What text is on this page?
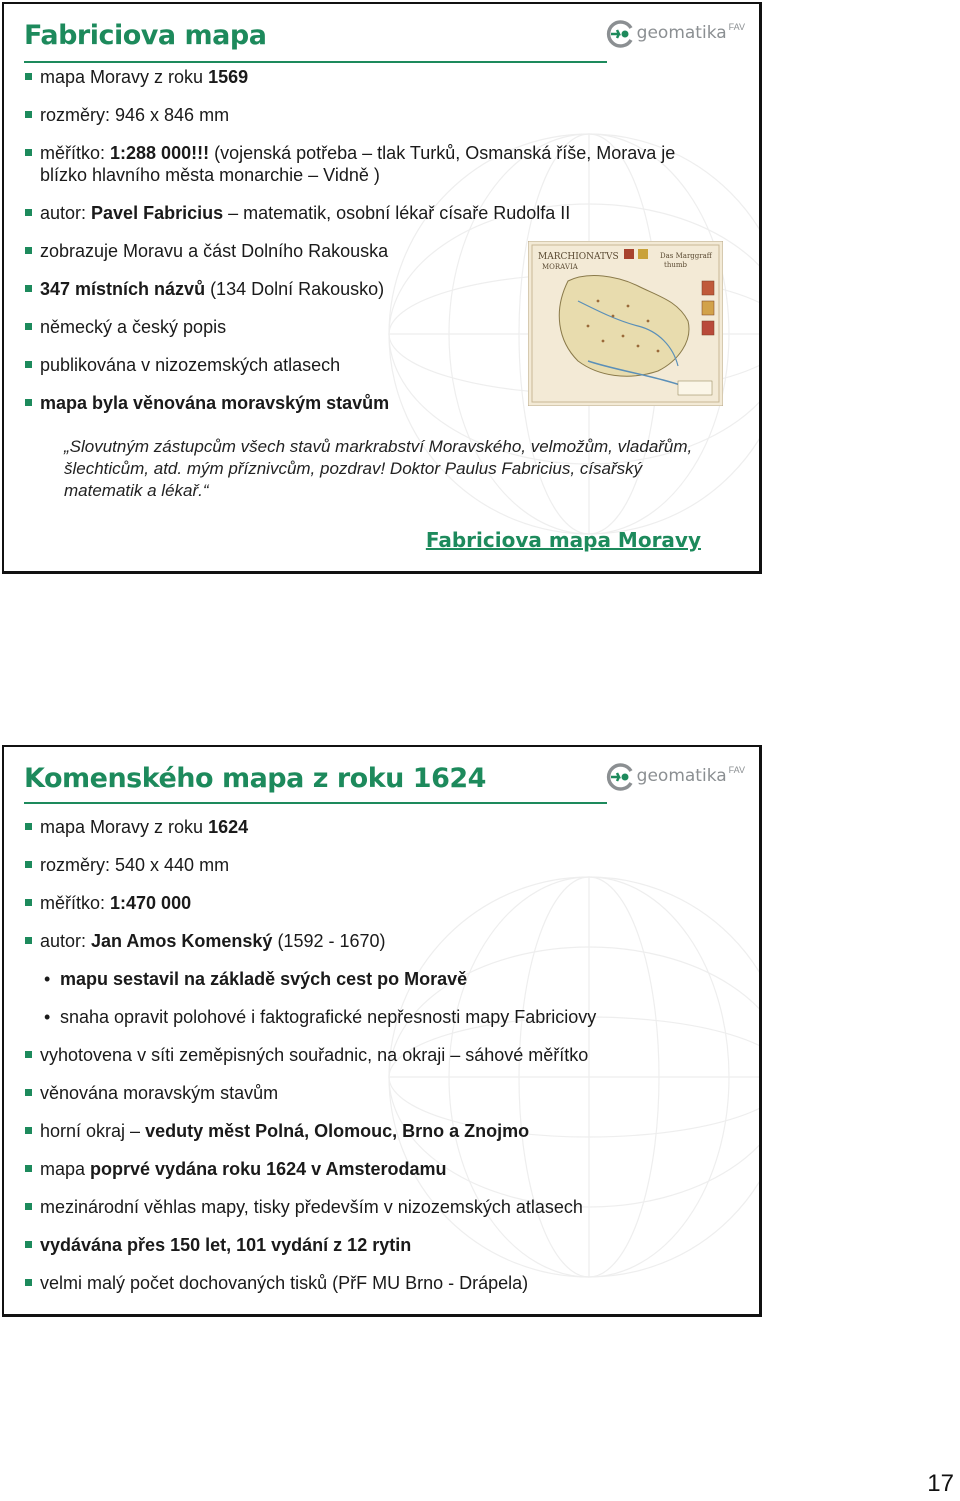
Fabriciova mapa	geomatika FAV
mapa Moravy z roku 1569
rozměry: 946 x 846 mm
měřítko: 1:288 000!!! (vojenská potřeba – tlak Turků, Osmanská říše, Morava je blízko hlavního města monarchie – Vidně )
autor: Pavel Fabricius – matematik, osobní lékař císaře Rudolfa II
zobrazuje Moravu a část Dolního Rakouska
347 místních názvů (134 Dolní Rakousko)
německý a český popis
publikována v nizozemských atlasech
mapa byla věnována moravským stavům
MARCHIONATVS
MORAVIA
Das Marggraff
thumb
„Slovutným zástupcům všech stavů markrabství Moravského, velmožům, vladařům, šlechticům, atd. mým příznivcům, pozdrav! Doktor Paulus Fabricius, císařský matematik a lékař.“
Fabriciova mapa Moravy
Komenského mapa z roku 1624	geomatika FAV
mapa Moravy z roku 1624
rozměry: 540 x 440 mm
měřítko: 1:470 000
autor: Jan Amos Komenský (1592 - 1670)
• mapu sestavil na základě svých cest po Moravě
• snaha opravit polohové i faktografické nepřesnosti mapy Fabriciovy
vyhotovena v síti zeměpisných souřadnic, na okraji – sáhové měřítko
věnována moravským stavům
horní okraj – veduty měst Polná, Olomouc, Brno a Znojmo
mapa poprvé vydána roku 1624 v Amsterodamu
mezinárodní věhlas mapy, tisky především v nizozemských atlasech
vydávána přes 150 let, 101 vydání z 12 rytin
velmi malý počet dochovaných tisků (PřF MU Brno - Drápela)
17
